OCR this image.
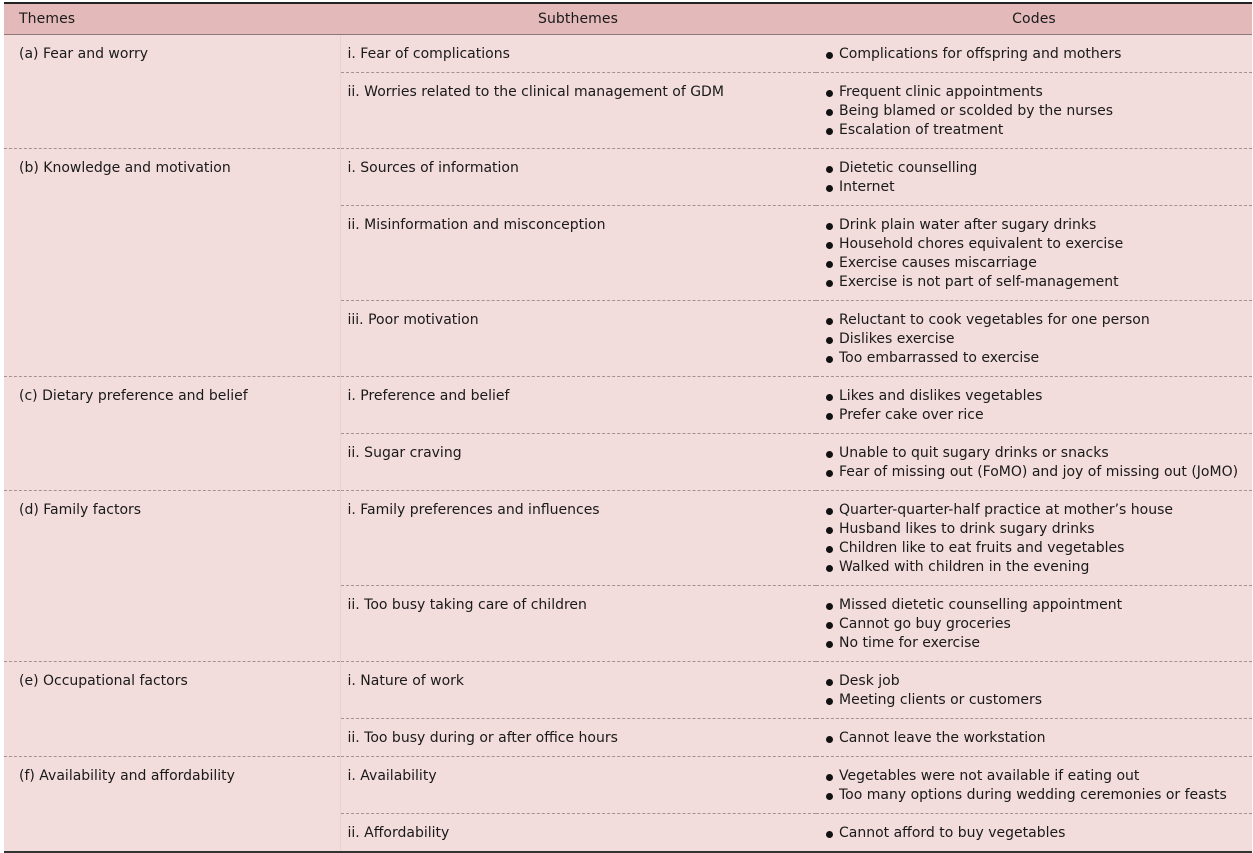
Themes	Subthemes	Codes
(a) Fear and worry	i. Fear of complications	Complications for offspring and mothers

ii. Worries related to the clinical management of GDM	Frequent clinic appointments
Being blamed or scolded by the nurses
Escalation of treatment

(b) Knowledge and motivation	i. Sources of information	Dietetic counselling
Internet

ii. Misinformation and misconception	Drink plain water after sugary drinks
Household chores equivalent to exercise
Exercise causes miscarriage
Exercise is not part of self-management

iii. Poor motivation	Reluctant to cook vegetables for one person
Dislikes exercise
Too embarrassed to exercise

(c) Dietary preference and belief	i. Preference and belief	Likes and dislikes vegetables
Prefer cake over rice

ii. Sugar craving	Unable to quit sugary drinks or snacks
Fear of missing out (FoMO) and joy of missing out (JoMO)

(d) Family factors	i. Family preferences and influences	Quarter-quarter-half practice at mother’s house
Husband likes to drink sugary drinks
Children like to eat fruits and vegetables
Walked with children in the evening

ii. Too busy taking care of children	Missed dietetic counselling appointment
Cannot go buy groceries
No time for exercise

(e) Occupational factors	i. Nature of work	Desk job
Meeting clients or customers

ii. Too busy during or after office hours	Cannot leave the workstation

(f) Availability and affordability	i. Availability	Vegetables were not available if eating out
Too many options during wedding ceremonies or feasts

ii. Affordability	Cannot afford to buy vegetables
